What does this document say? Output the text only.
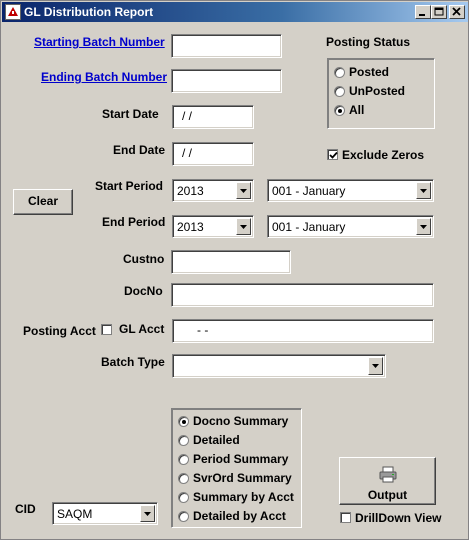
GL Distribution Report
Starting Batch Number
Ending Batch Number
Posting Status
Posted
UnPosted
All
Start Date	/ /
End Date	/ /	Exclude Zeros
Clear
Start Period 2013	001 - January
End Period 2013	001 - January
Custno
DocNo
Posting Acct GL Acct	- -
Batch Type
Docno Summary
Detailed
Period Summary
SvrOrd Summary
Summary by Acct
Detailed by Acct
Output
DrillDown View
CID SAQM
